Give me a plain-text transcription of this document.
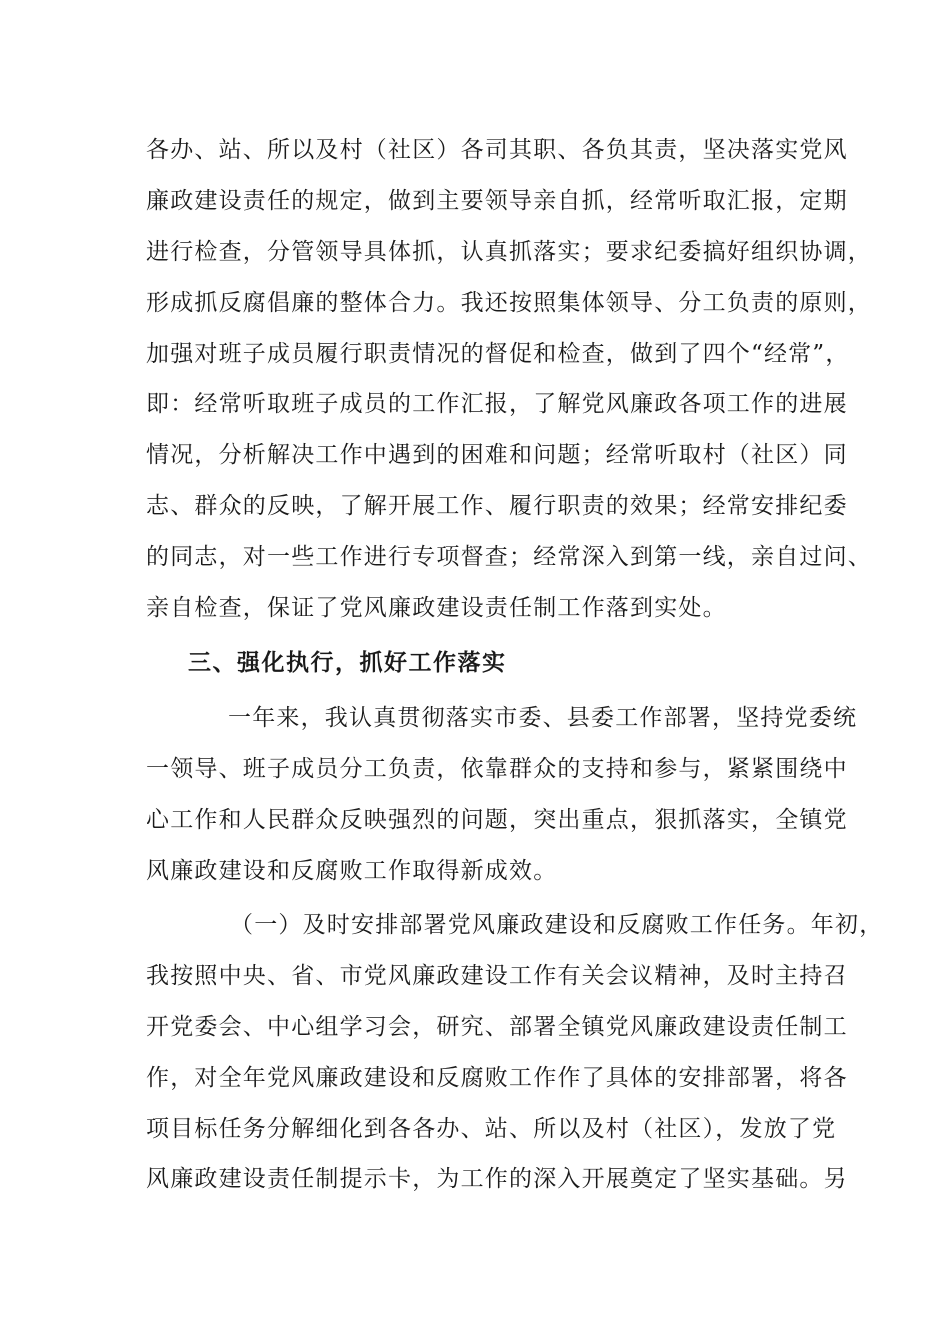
各办、站、所以及村（社区）各司其职、各负其责，坚决落实党风
廉政建设责任的规定，做到主要领导亲自抓，经常听取汇报，定期
进行检查，分管领导具体抓，认真抓落实；要求纪委搞好组织协调，
形成抓反腐倡廉的整体合力。我还按照集体领导、分工负责的原则，
加强对班子成员履行职责情况的督促和检查，做到了四个“经常”，
即：经常听取班子成员的工作汇报，了解党风廉政各项工作的进展
情况，分析解决工作中遇到的困难和问题；经常听取村（社区）同
志、群众的反映，了解开展工作、履行职责的效果；经常安排纪委
的同志，对一些工作进行专项督查；经常深入到第一线，亲自过问、
亲自检查，保证了党风廉政建设责任制工作落到实处。
三、强化执行，抓好工作落实
一年来，我认真贯彻落实市委、县委工作部署，坚持党委统
一领导、班子成员分工负责，依靠群众的支持和参与，紧紧围绕中
心工作和人民群众反映强烈的问题，突出重点，狠抓落实，全镇党
风廉政建设和反腐败工作取得新成效。
（一）及时安排部署党风廉政建设和反腐败工作任务。年初，
我按照中央、省、市党风廉政建设工作有关会议精神，及时主持召
开党委会、中心组学习会，研究、部署全镇党风廉政建设责任制工
作，对全年党风廉政建设和反腐败工作作了具体的安排部署，将各
项目标任务分解细化到各各办、站、所以及村（社区），发放了党
风廉政建设责任制提示卡，为工作的深入开展奠定了坚实基础。另
